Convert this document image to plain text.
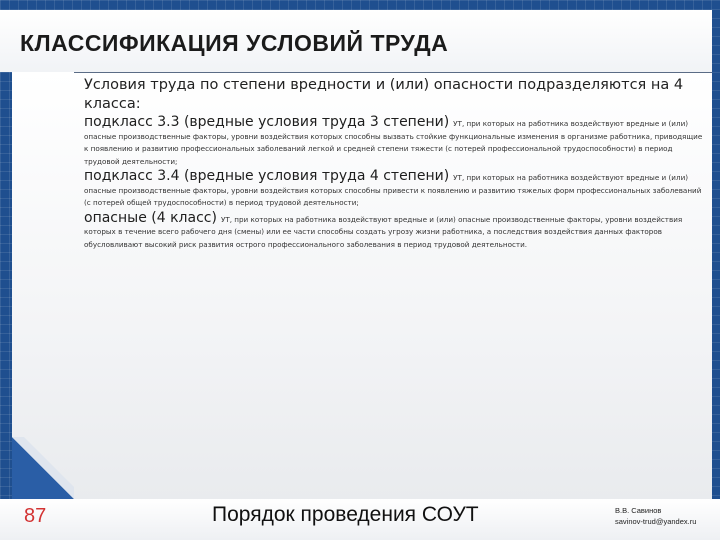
КЛАССИФИКАЦИЯ УСЛОВИЙ ТРУДА
Условия труда по степени вредности и (или) опасности подразделяются на 4 класса:
подкласс 3.3 (вредные условия труда 3 степени) УТ, при которых на работника воздействуют вредные и (или) опасные производственные факторы, уровни воздействия которых способны вызвать стойкие функциональные изменения в организме работника, приводящие к появлению и развитию профессиональных заболеваний легкой и средней степени тяжести (с потерей профессиональной трудоспособности) в период трудовой деятельности;
подкласс 3.4 (вредные условия труда 4 степени) УТ, при которых на работника воздействуют вредные и (или) опасные производственные факторы, уровни воздействия которых способны привести к появлению и развитию тяжелых форм профессиональных заболеваний (с потерей общей трудоспособности) в период трудовой деятельности;
опасные (4 класс) УТ, при которых на работника воздействуют вредные и (или) опасные производственные факторы, уровни воздействия которых в течение всего рабочего дня (смены) или ее части способны создать угрозу жизни работника, а последствия воздействия данных факторов обусловливают высокий риск развития острого профессионального заболевания в период трудовой деятельности.
87	Порядок проведения СОУТ	В.В. Савинов
savinov-trud@yandex.ru
